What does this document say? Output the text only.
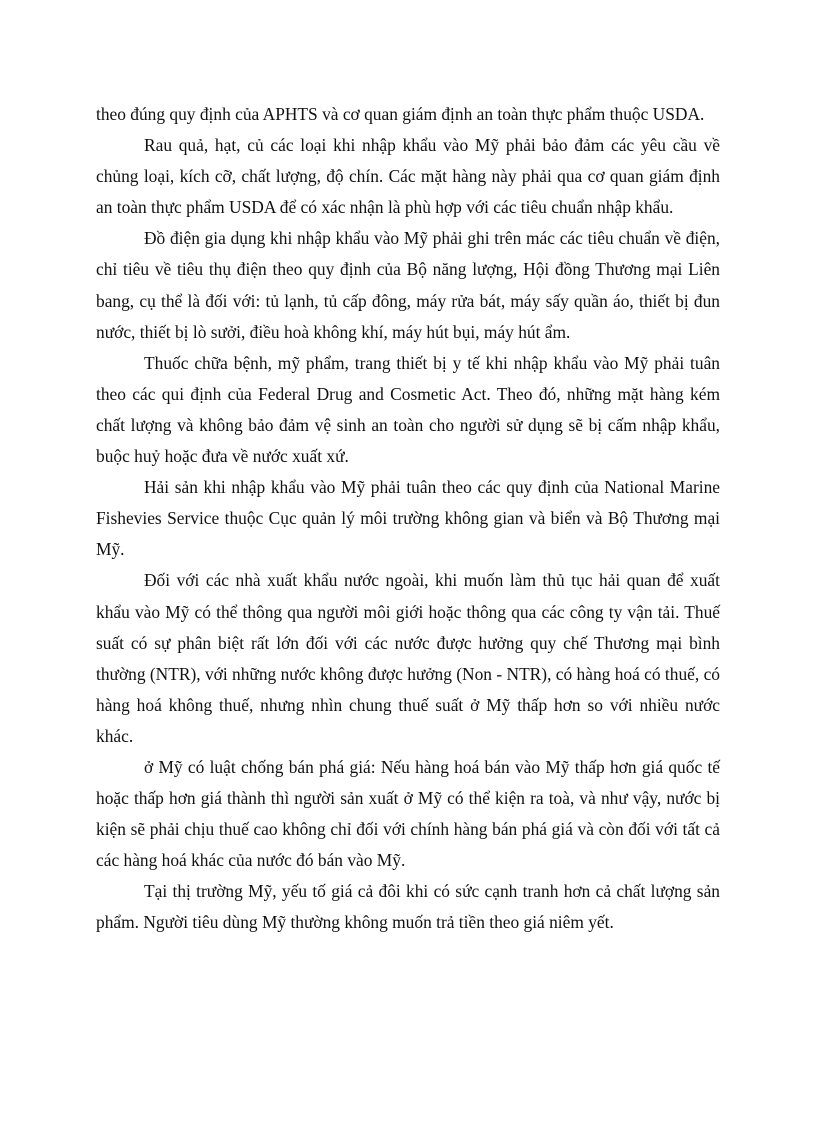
theo đúng quy định của APHTS và cơ quan giám định an toàn thực phẩm thuộc USDA.

Rau quả, hạt, củ các loại khi nhập khẩu vào Mỹ phải bảo đảm các yêu cầu về chủng loại, kích cỡ, chất lượng, độ chín. Các mặt hàng này phải qua cơ quan giám định an toàn thực phẩm USDA để có xác nhận là phù hợp với các tiêu chuẩn nhập khẩu.

Đồ điện gia dụng khi nhập khẩu vào Mỹ phải ghi trên mác các tiêu chuẩn về điện, chỉ tiêu về tiêu thụ điện theo quy định của Bộ năng lượng, Hội đồng Thương mại Liên bang, cụ thể là đối với: tủ lạnh, tủ cấp đông, máy rửa bát, máy sấy quần áo, thiết bị đun nước, thiết bị lò sưởi, điều hoà không khí, máy hút bụi, máy hút ẩm.

Thuốc chữa bệnh, mỹ phẩm, trang thiết bị y tế khi nhập khẩu vào Mỹ phải tuân theo các qui định của Federal Drug and Cosmetic Act. Theo đó, những mặt hàng kém chất lượng và không bảo đảm vệ sinh an toàn cho người sử dụng sẽ bị cấm nhập khẩu, buộc huỷ hoặc đưa về nước xuất xứ.

Hải sản khi nhập khẩu vào Mỹ phải tuân theo các quy định của National Marine Fishevies Service thuộc Cục quản lý môi trường không gian và biển và Bộ Thương mại Mỹ.

Đối với các nhà xuất khẩu nước ngoài, khi muốn làm thủ tục hải quan để xuất khẩu vào Mỹ có thể thông qua người môi giới hoặc thông qua các công ty vận tải. Thuế suất có sự phân biệt rất lớn đối với các nước được hưởng quy chế Thương mại bình thường (NTR), với những nước không được hưởng (Non - NTR), có hàng hoá có thuế, có hàng hoá không thuế, nhưng nhìn chung thuế suất ở Mỹ thấp hơn so với nhiều nước khác.

ở Mỹ có luật chống bán phá giá: Nếu hàng hoá bán vào Mỹ thấp hơn giá quốc tế hoặc thấp hơn giá thành thì người sản xuất ở Mỹ có thể kiện ra toà, và như vậy, nước bị kiện sẽ phải chịu thuế cao không chỉ đối với chính hàng bán phá giá và còn đối với tất cả các hàng hoá khác của nước đó bán vào Mỹ.

Tại thị trường Mỹ, yếu tố giá cả đôi khi có sức cạnh tranh hơn cả chất lượng sản phẩm. Người tiêu dùng Mỹ thường không muốn trả tiền theo giá niêm yết.
